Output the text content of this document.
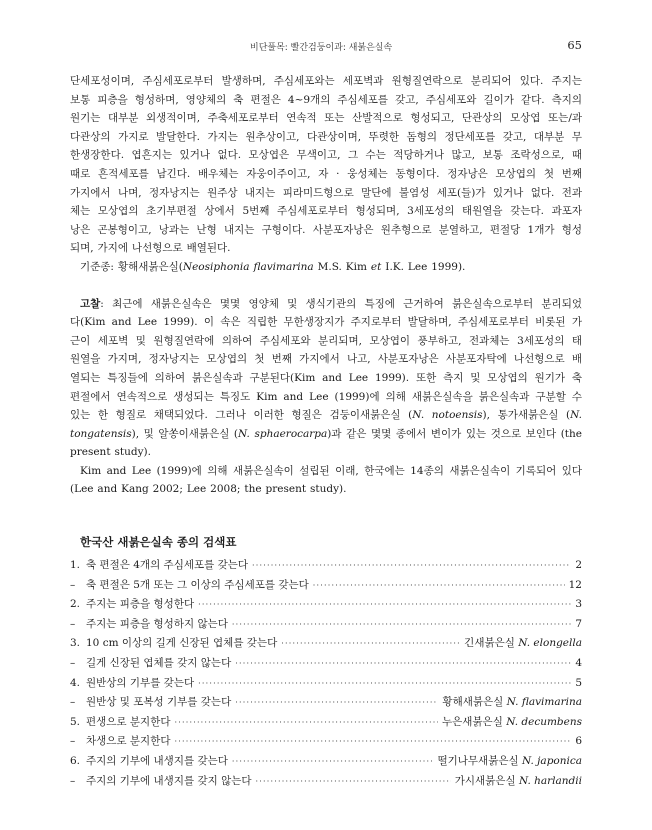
비단풀목: 빨간검둥이과: 새붉은실속	65

단세포성이며, 주심세포로부터 발생하며, 주심세포와는 세포벽과 원형질연락으로 분리되어 있다. 주지는
보통 피층을 형성하며, 영양체의 축 편절은 4~9개의 주심세포를 갖고, 주심세포와 길이가 같다. 측지의
원기는 대부분 외생적이며, 주축세포로부터 연속적 또는 산발적으로 형성되고, 단관상의 모상엽 또는/과
다관상의 가지로 발달한다. 가지는 원추상이고, 다관상이며, 뚜렷한 돔형의 정단세포를 갖고, 대부분 무
한생장한다. 엽흔지는 있거나 없다. 모상엽은 무색이고, 그 수는 적당하거나 많고, 보통 조락성으로, 때
때로 흔적세포를 남긴다. 배우체는 자웅이주이고, 자 · 웅성체는 동형이다. 정자낭은 모상엽의 첫 번째
가지에서 나며, 정자낭지는 원주상 내지는 피라미드형으로 말단에 불염성 세포(들)가 있거나 없다. 전과
체는 모상엽의 초기부편절 상에서 5번째 주심세포로부터 형성되며, 3세포성의 태원열을 갖는다. 과포자
낭은 곤봉형이고, 낭과는 난형 내지는 구형이다. 사분포자낭은 원추형으로 분열하고, 편절당 1개가 형성
되며, 가지에 나선형으로 배열된다.
기준종: 황해새붉은실(Neosiphonia flavimarina M.S. Kim et I.K. Lee 1999).

고찰: 최근에 새붉은실속은 몇몇 영양체 및 생식기관의 특징에 근거하여 붉은실속으로부터 분리되었
다(Kim and Lee 1999). 이 속은 직립한 무한생장지가 주지로부터 발달하며, 주심세포로부터 비롯된 가
근이 세포벽 및 원형질연락에 의하여 주심세포와 분리되며, 모상엽이 풍부하고, 전과체는 3세포성의 태
원열을 가지며, 정자낭지는 모상엽의 첫 번째 가지에서 나고, 사분포자낭은 사분포자탁에 나선형으로 배
열되는 특징들에 의하여 붉은실속과 구분된다(Kim and Lee 1999). 또한 측지 및 모상엽의 원기가 축
편절에서 연속적으로 생성되는 특징도 Kim and Lee (1999)에 의해 새붉은실속을 붉은실속과 구분할 수
있는 한 형질로 채택되었다. 그러나 이러한 형질은 검둥이새붉은실 (N. notoensis), 통가새붉은실 (N.
tongatensis), 및 알쏭이새붉은실 (N. sphaerocarpa)과 같은 몇몇 종에서 변이가 있는 것으로 보인다 (the
present study).
Kim and Lee (1999)에 의해 새붉은실속이 설립된 이래, 한국에는 14종의 새붉은실속이 기록되어 있다
(Lee and Kang 2002; Lee 2008; the present study).

한국산 새붉은실속 종의 검색표
1. 축 편절은 4개의 주심세포를 갖는다 ·····	2
–	축 편절은 5개 또는 그 이상의 주심세포를 갖는다 ·····	12
2. 주지는 피층을 형성한다 ·····	3
–	주지는 피층을 형성하지 않는다 ·····	7
3. 10 cm 이상의 길게 신장된 엽체를 갖는다 ·····	긴새붉은실 N. elongella
–	길게 신장된 엽체를 갖지 않는다 ·····	4
4. 원반상의 기부를 갖는다 ·····	5
–	원반상 및 포복성 기부를 갖는다 ·····	황해새붉은실 N. flavimarina
5. 편생으로 분지한다 ·····	누은새붉은실 N. decumbens
–	차생으로 분지한다 ·····	6
6. 주지의 기부에 내생지를 갖는다 ·····	떨기나무새붉은실 N. japonica
–	주지의 기부에 내생지를 갖지 않는다 ·····	가시새붉은실 N. harlandii
